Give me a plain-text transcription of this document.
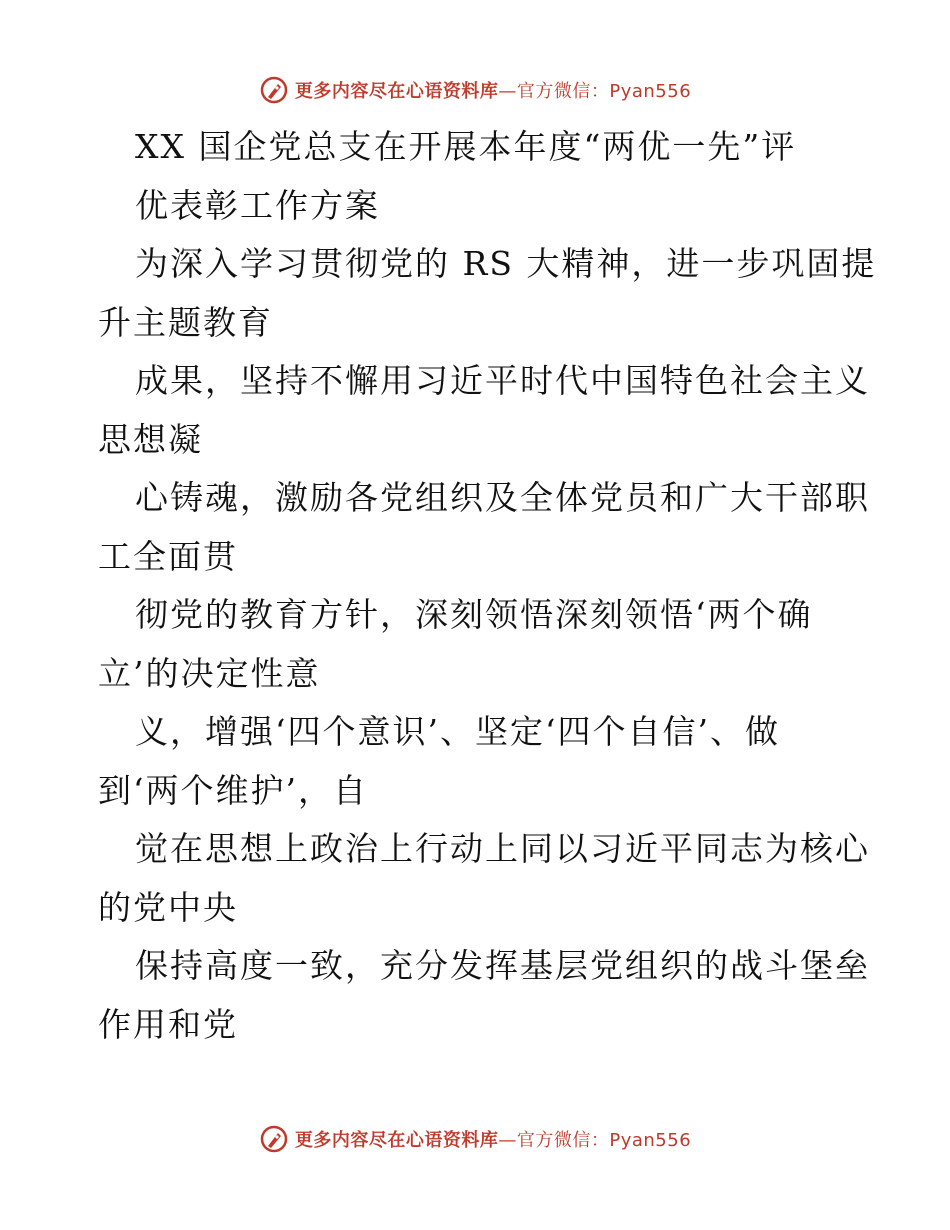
更多内容尽在心语资料库—官方微信：Pyan556
XX 国企党总支在开展本年度“两优一先”评
优表彰工作方案
为深入学习贯彻党的 RS 大精神，进一步巩固提
升主题教育
成果，坚持不懈用习近平时代中国特色社会主义
思想凝
心铸魂，激励各党组织及全体党员和广大干部职
工全面贯
彻党的教育方针，深刻领悟深刻领悟‘两个确
立’的决定性意
义，增强‘四个意识’、坚定‘四个自信’、做
到‘两个维护’，自
觉在思想上政治上行动上同以习近平同志为核心
的党中央
保持高度一致，充分发挥基层党组织的战斗堡垒
作用和党
更多内容尽在心语资料库—官方微信：Pyan556
